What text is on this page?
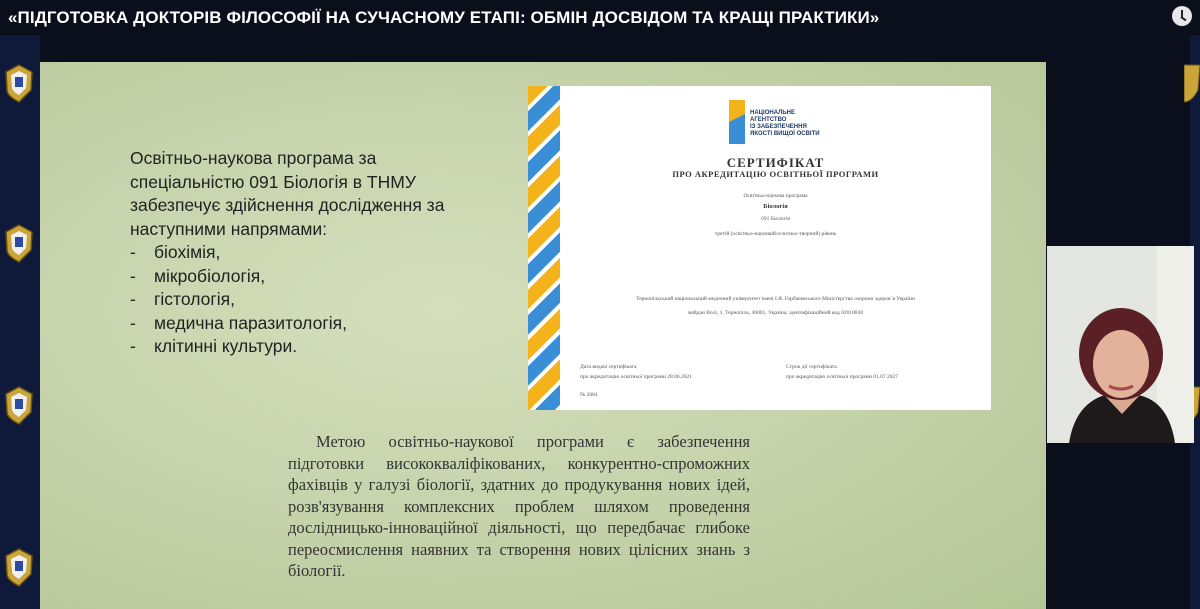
«ПІДГОТОВКА ДОКТОРІВ ФІЛОСОФІЇ НА СУЧАСНОМУ ЕТАПІ: ОБМІН ДОСВІДОМ ТА КРАЩІ ПРАКТИКИ»

Освітньо-наукова програма за спеціальністю 091 Біологія в ТНМУ забезпечує здійснення дослідження за наступними напрямами:

-	біохімія,
-	мікробіологія,
-	гістологія,
-	медична паразитологія,
-	клітинні культури.
НАЦІОНАЛЬНЕ
АГЕНТСТВО
ІЗ ЗАБЕЗПЕЧЕННЯ
ЯКОСТІ ВИЩОЇ ОСВІТИ
СЕРТИФІКАТ
ПРО АКРЕДИТАЦІЮ ОСВІТНЬОЇ ПРОГРАМИ
Освітньо-наукова програма
Біологія
091 Біологія
третій (освітньо-науковий/освітньо-творчий) рівень
Тернопільський національний медичний університет імені І.Я. Горбачевського Міністерства охорони здоров`я України
майдан Волі, 1, Тернопіль, 46001, Україна; ідентифікаційний код 02010830
Дата видачі сертифіката
про акредитацію освітньої програми 28.06.2021
Строк дії сертифіката
про акредитацію освітньої програми 01.07.2027
№ 2084

Метою освітньо-наукової програми є забезпечення підготовки висококваліфікованих, конкурентно-спроможних фахівців у галузі біології, здатних до продукування нових ідей, розв'язування комплексних проблем шляхом проведення дослідницько-інноваційної діяльності, що передбачає глибоке переосмислення наявних та створення нових цілісних знань з біології.
